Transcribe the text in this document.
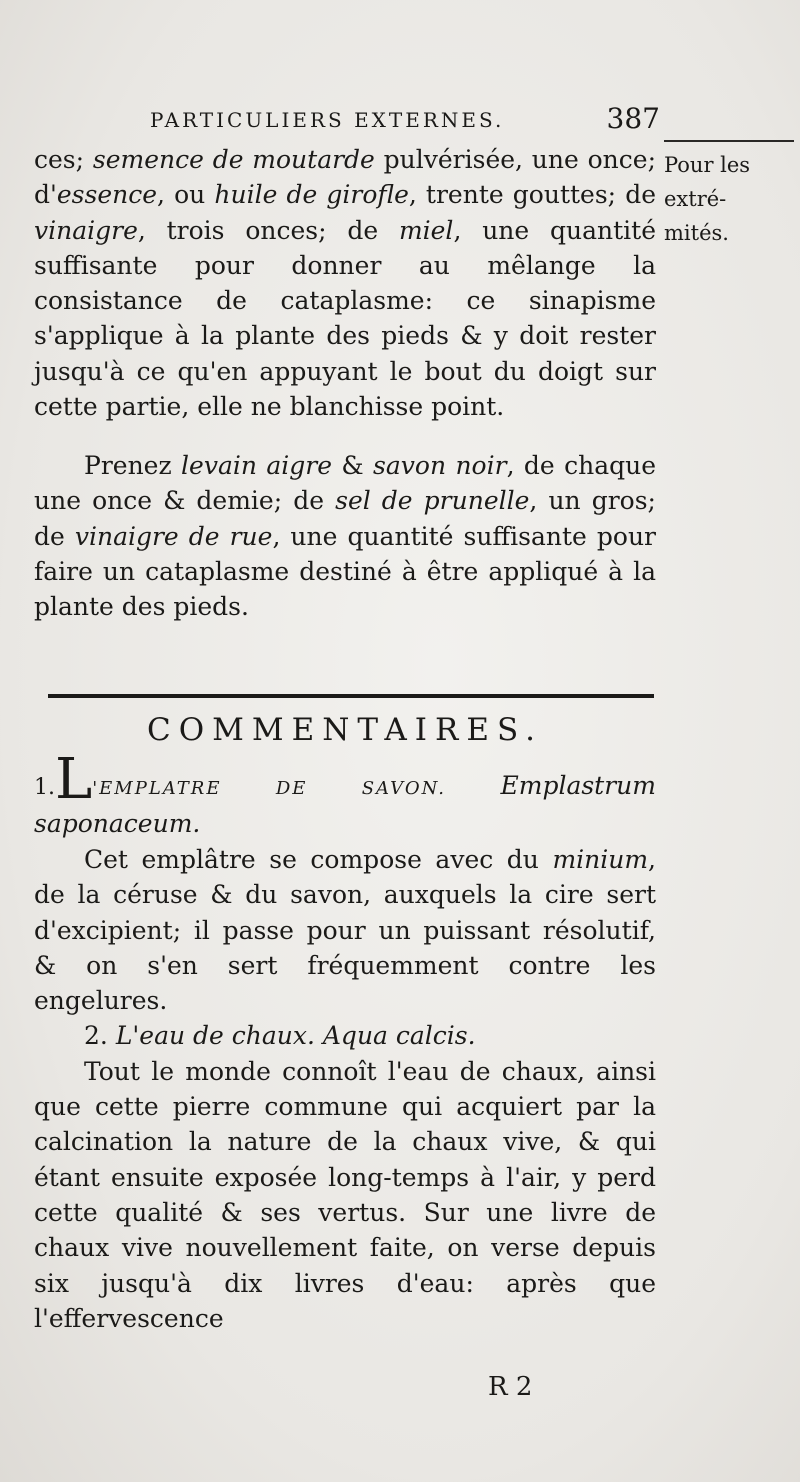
PARTICULIERS EXTERNES.	387
Pour les
extré-
mités.

ces; semence de moutarde pulvérisée, une once; d'essence, ou huile de girofle, trente gouttes; de vinaigre, trois onces; de miel, une quantité suffisante pour donner au mêlange la consistance de cataplasme: ce sinapisme s'applique à la plante des pieds & y doit rester jusqu'à ce qu'en appuyant le bout du doigt sur cette partie, elle ne blanchisse point.

Prenez levain aigre & savon noir, de chaque une once & demie; de sel de prunelle, un gros; de vinaigre de rue, une quantité suffisante pour faire un cataplasme destiné à être appliqué à la plante des pieds.

COMMENTAIRES.

1.L'EMPLATRE DE SAVON. Emplastrum saponaceum.

Cet emplâtre se compose avec du minium, de la céruse & du savon, auxquels la cire sert d'excipient; il passe pour un puissant résolutif, & on s'en sert fréquemment contre les engelures.

2. L'eau de chaux. Aqua calcis.

Tout le monde connoît l'eau de chaux, ainsi que cette pierre commune qui acquiert par la calcination la nature de la chaux vive, & qui étant ensuite exposée long-temps à l'air, y perd cette qualité & ses vertus. Sur une livre de chaux vive nouvellement faite, on verse depuis six jusqu'à dix livres d'eau: après que l'effervescence

R 2
